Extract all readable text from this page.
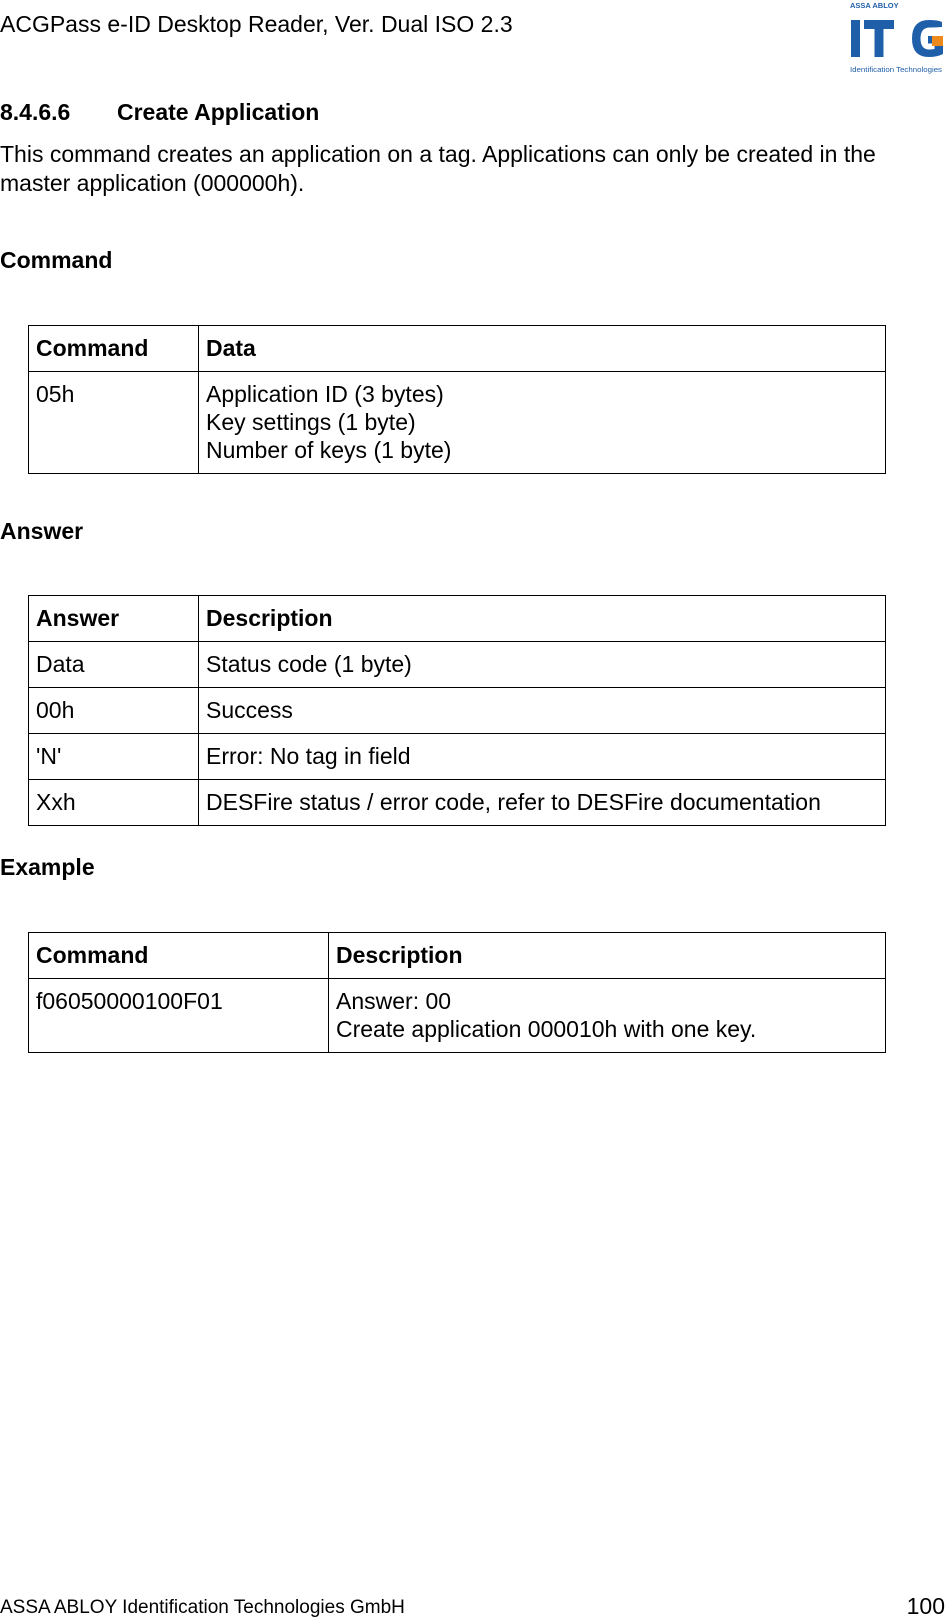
ACGPass e-ID Desktop Reader, Ver. Dual ISO 2.3
ASSA ABLOY
Identification Technologies
8.4.6.6 Create Application
This command creates an application on a tag. Applications can only be created in the master application (000000h).
Command
Command	Data
05h	Application ID (3 bytes)
Key settings (1 byte)
Number of keys (1 byte)
Answer
Answer	Description
Data	Status code (1 byte)
00h	Success
'N'	Error: No tag in field
Xxh	DESFire status / error code, refer to DESFire documentation
Example
Command	Description
f06050000100F01	Answer: 00
Create application 000010h with one key.
ASSA ABLOY Identification Technologies GmbH	100
